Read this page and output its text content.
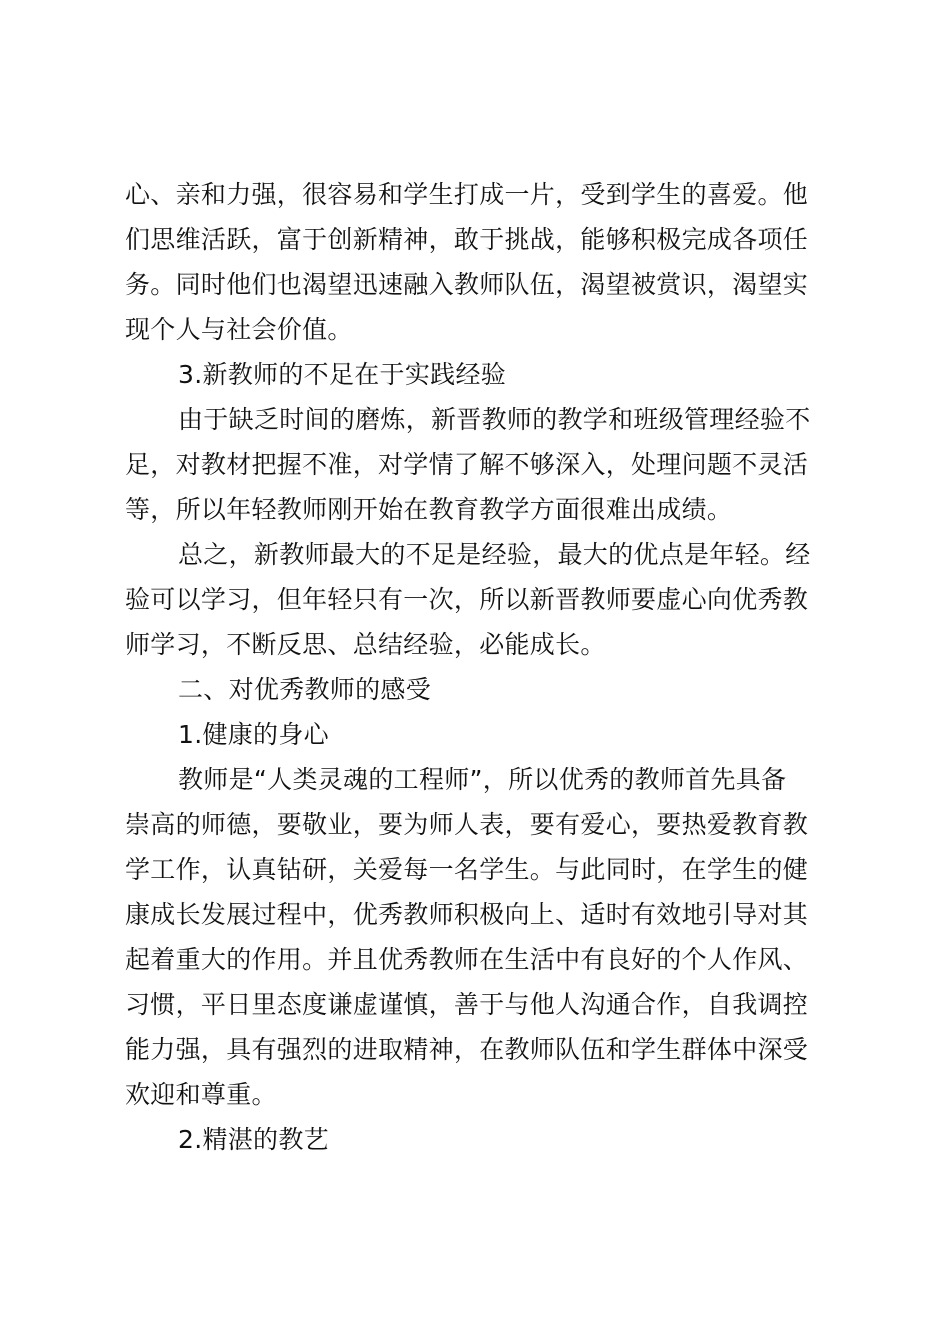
心、亲和力强，很容易和学生打成一片，受到学生的喜爱。他
们思维活跃，富于创新精神，敢于挑战，能够积极完成各项任
务。同时他们也渴望迅速融入教师队伍，渴望被赏识，渴望实
现个人与社会价值。
3.新教师的不足在于实践经验
由于缺乏时间的磨炼，新晋教师的教学和班级管理经验不
足，对教材把握不准，对学情了解不够深入，处理问题不灵活
等，所以年轻教师刚开始在教育教学方面很难出成绩。
总之，新教师最大的不足是经验，最大的优点是年轻。经
验可以学习，但年轻只有一次，所以新晋教师要虚心向优秀教
师学习，不断反思、总结经验，必能成长。
二、对优秀教师的感受
1.健康的身心
教师是“人类灵魂的工程师”，所以优秀的教师首先具备
崇高的师德，要敬业，要为师人表，要有爱心，要热爱教育教
学工作，认真钻研，关爱每一名学生。与此同时，在学生的健
康成长发展过程中，优秀教师积极向上、适时有效地引导对其
起着重大的作用。并且优秀教师在生活中有良好的个人作风、
习惯，平日里态度谦虚谨慎，善于与他人沟通合作，自我调控
能力强，具有强烈的进取精神，在教师队伍和学生群体中深受
欢迎和尊重。
2.精湛的教艺
